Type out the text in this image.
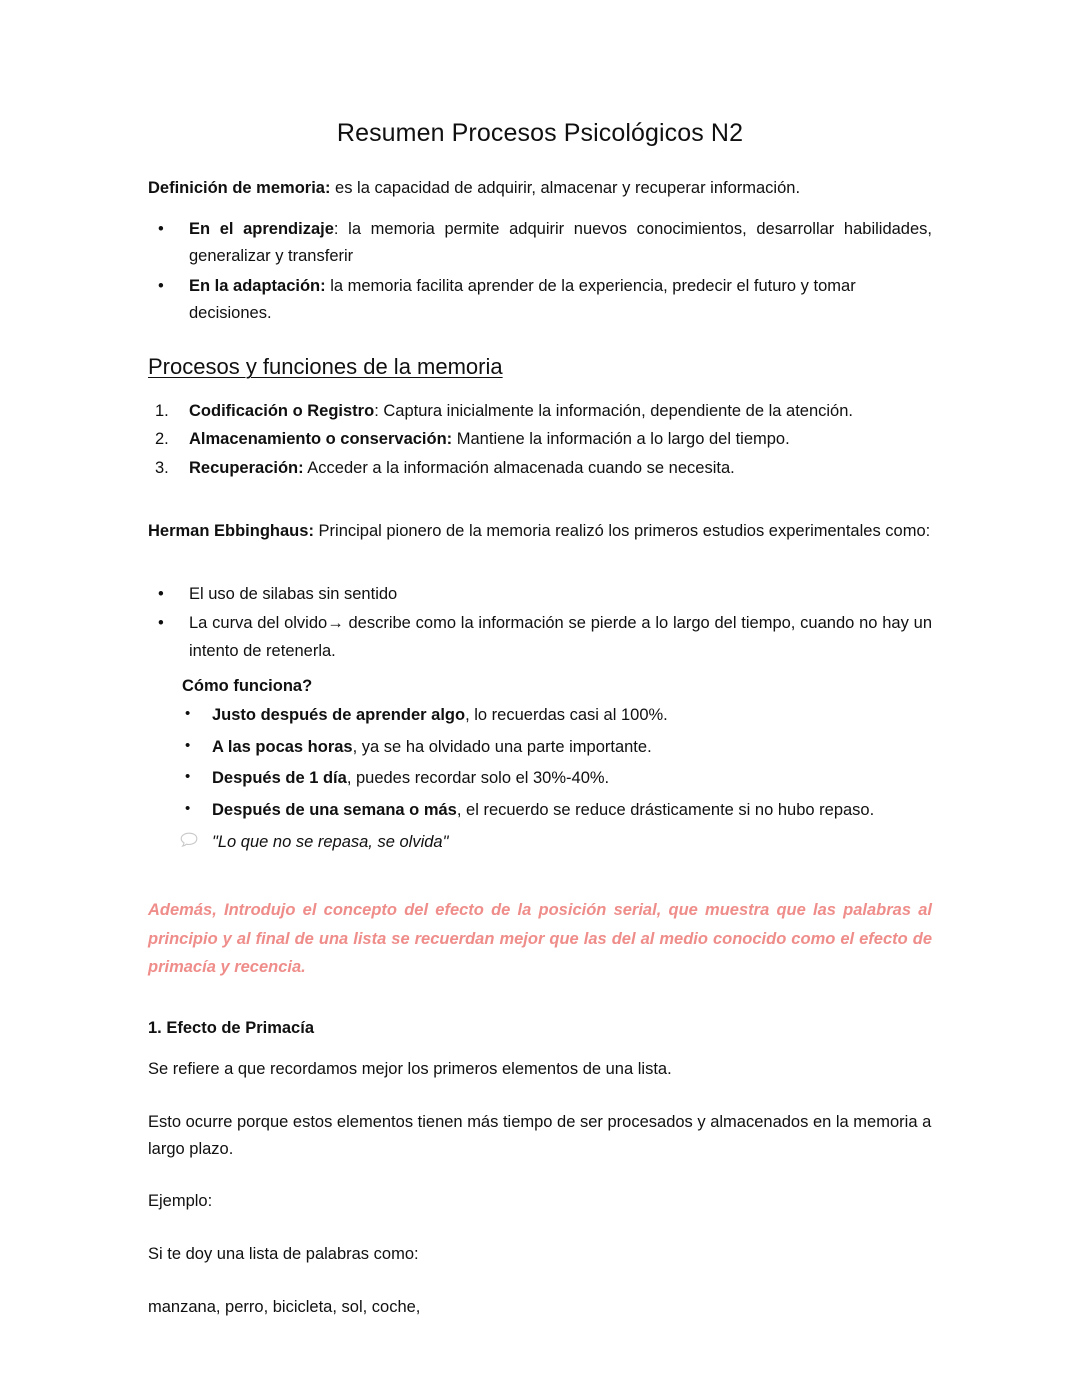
Resumen Procesos Psicológicos N2

Definición de memoria: es la capacidad de adquirir, almacenar y recuperar información.

• En el aprendizaje: la memoria permite adquirir nuevos conocimientos, desarrollar habilidades, generalizar y transferir
• En la adaptación: la memoria facilita aprender de la experiencia, predecir el futuro y tomar decisiones.
Procesos y funciones de la memoria
1. Codificación o Registro: Captura inicialmente la información, dependiente de la atención.
2. Almacenamiento o conservación: Mantiene la información a lo largo del tiempo.
3. Recuperación: Acceder a la información almacenada cuando se necesita.

Herman Ebbinghaus: Principal pionero de la memoria realizó los primeros estudios experimentales como:

• El uso de silabas sin sentido
• La curva del olvido→ describe como la información se pierde a lo largo del tiempo, cuando no hay un intento de retenerla.
Cómo funciona?
• Justo después de aprender algo, lo recuerdas casi al 100%.
• A las pocas horas, ya se ha olvidado una parte importante.
• Después de 1 día, puedes recordar solo el 30%-40%.
• Después de una semana o más, el recuerdo se reduce drásticamente si no hubo repaso.
"Lo que no se repasa, se olvida"

Además, Introdujo el concepto del efecto de la posición serial, que muestra que las palabras al principio y al final de una lista se recuerdan mejor que las del al medio conocido como el efecto de primacía y recencia.

1. Efecto de Primacía

Se refiere a que recordamos mejor los primeros elementos de una lista.

Esto ocurre porque estos elementos tienen más tiempo de ser procesados y almacenados en la memoria a largo plazo.

Ejemplo:

Si te doy una lista de palabras como:

manzana, perro, bicicleta, sol, coche,
